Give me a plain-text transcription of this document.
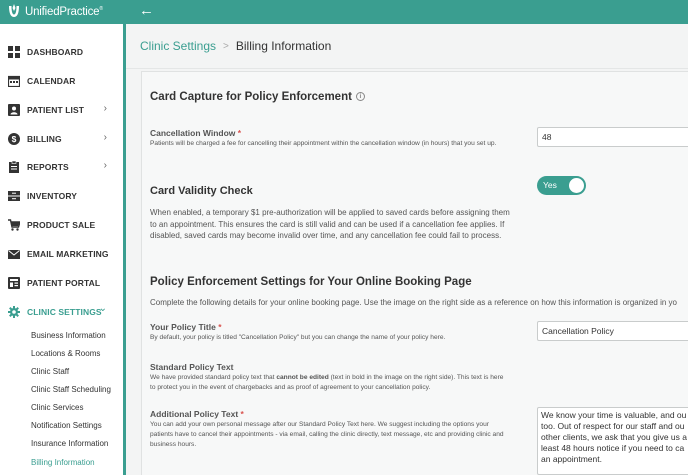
UnifiedPractice® ←
DASHBOARD
CALENDAR
PATIENT LIST ›
$ BILLING	›
REPORTS	›
INVENTORY
PRODUCT SALE
EMAIL MARKETING
PATIENT PORTAL
CLINIC SETTINGS
⌄
Business Information
Locations & Rooms
Clinic Staff
Clinic Staff Scheduling
Clinic Services
Notification Settings
Insurance Information
Billing Information
Clinic Settings > Billing Information
Card Capture for Policy Enforcement i
Cancellation Window *
Patients will be charged a fee for cancelling their appointment within the cancellation window (in hours) that you set up.
48
Card Validity Check
When enabled, a temporary $1 pre-authorization will be applied to saved cards before assigning them to an appointment. This ensures the card is still valid and can be used if a cancellation fee applies. If disabled, saved cards may become invalid over time, and any cancellation fee could fail to process.
Yes
Policy Enforcement Settings for Your Online Booking Page
Complete the following details for your online booking page. Use the image on the right side as a reference on how this information is organized in yo
Your Policy Title *
By default, your policy is titled "Cancellation Policy" but you can change the name of your policy here.
Cancellation Policy
Standard Policy Text
We have provided standard policy text that cannot be edited (text in bold in the image on the right side). This text is here to protect you in the event of chargebacks and as proof of agreement to your cancellation policy.
Additional Policy Text *
You can add your own personal message after our Standard Policy Text here. We suggest including the options your patients have to cancel their appointments - via email, calling the clinic directly, text message, etc and providing clinic and business hours.
We know your time is valuable, and ou
too. Out of respect for our staff and ou
other clients, we ask that you give us a
least 48 hours notice if you need to ca
an appointment.
